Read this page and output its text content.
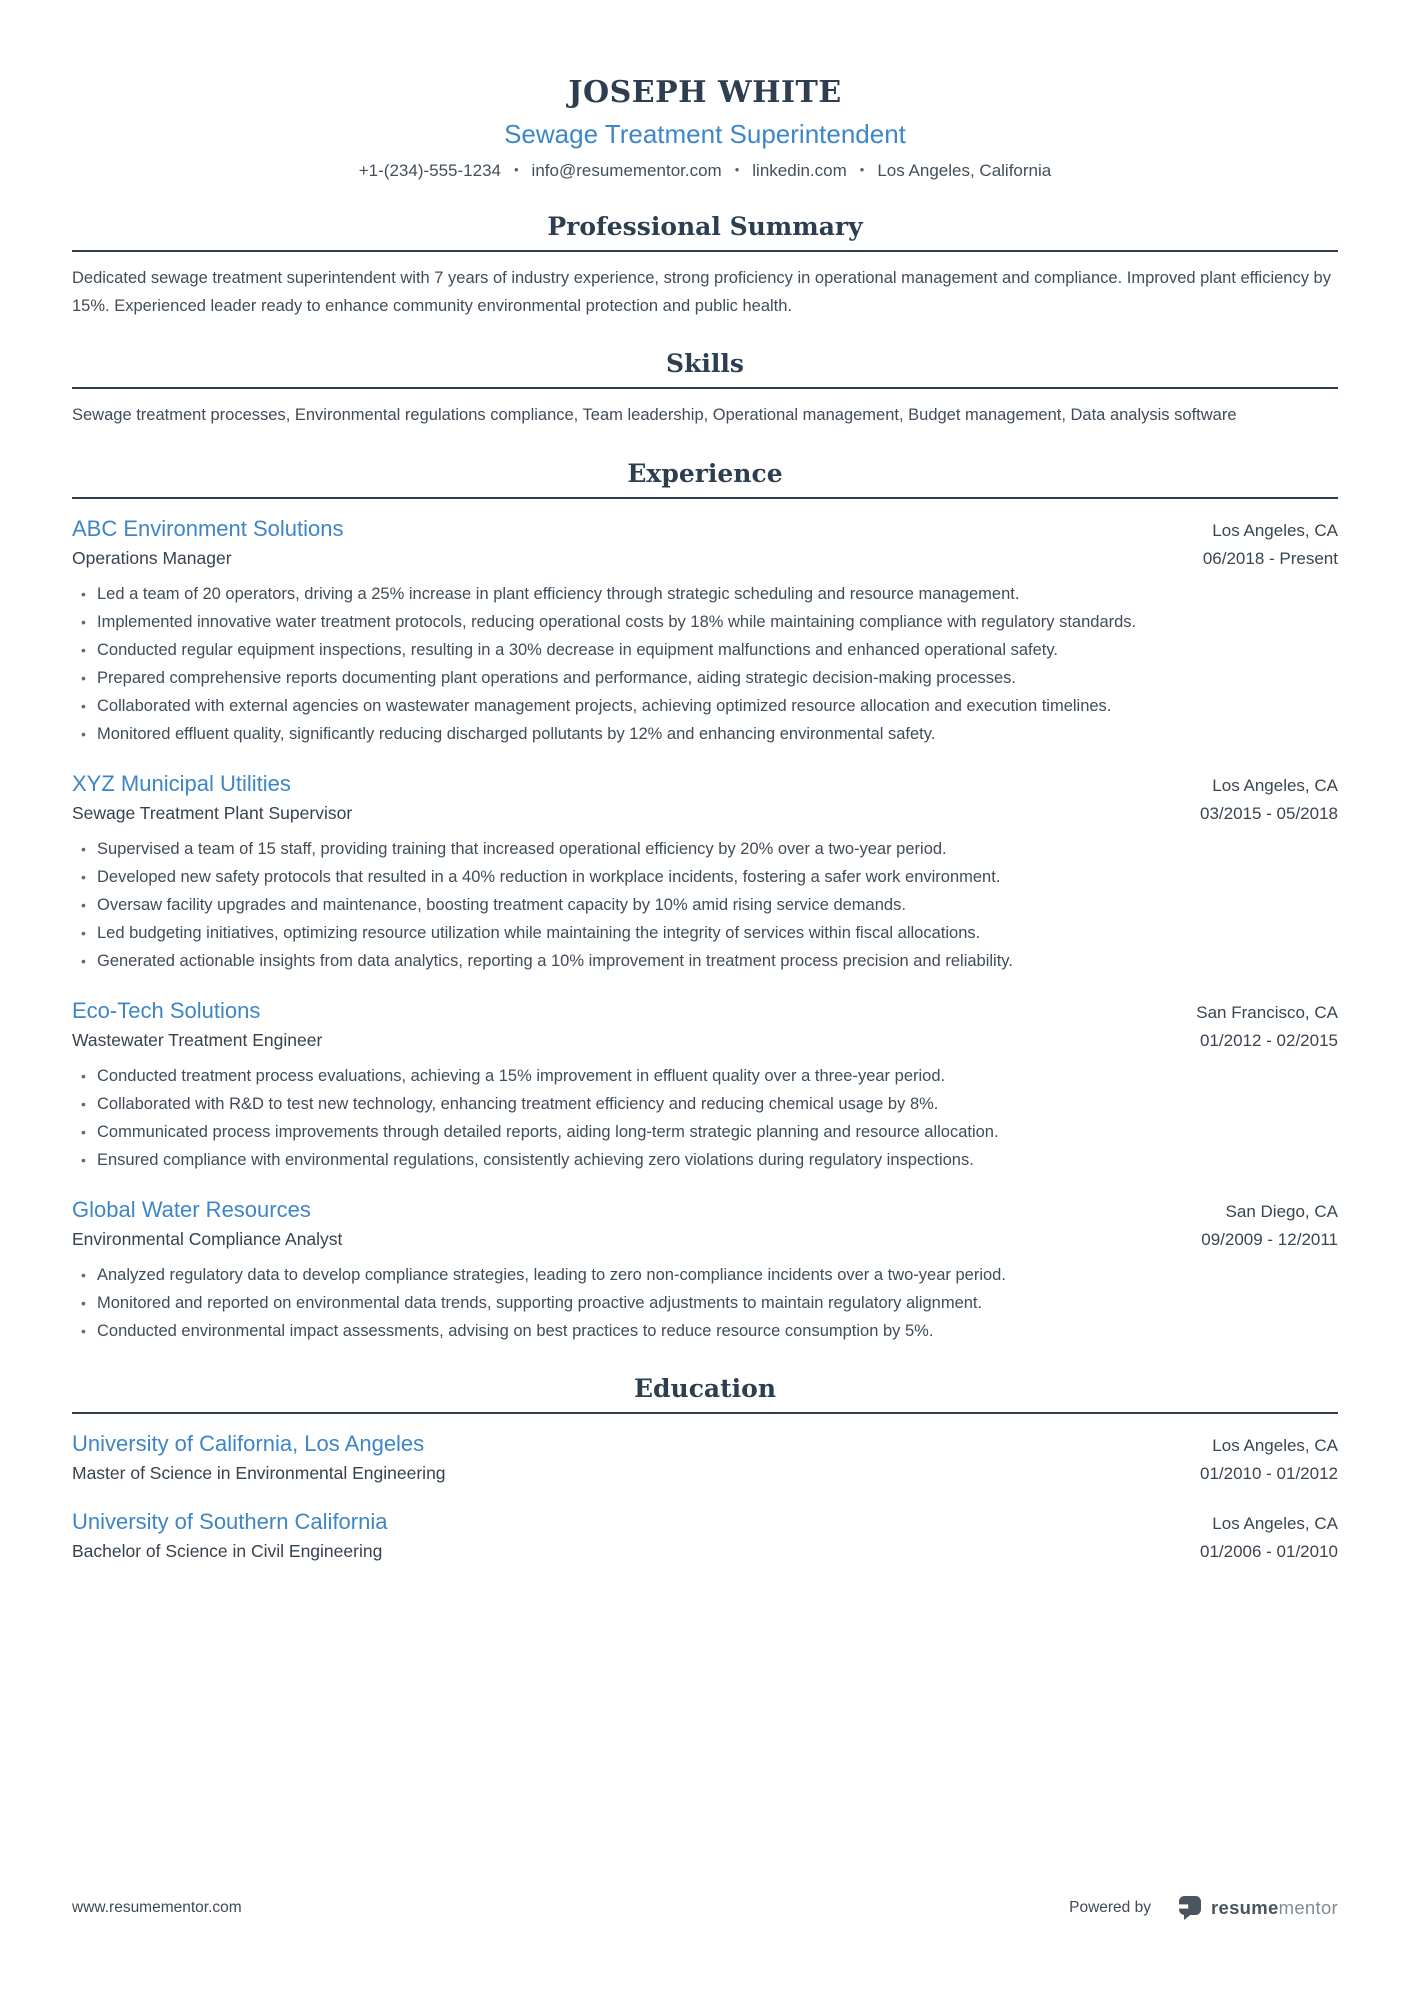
JOSEPH WHITE
Sewage Treatment Superintendent
+1-(234)-555-1234 • info@resumementor.com • linkedin.com • Los Angeles, California
Professional Summary

Dedicated sewage treatment superintendent with 7 years of industry experience, strong proficiency in operational management and compliance. Improved plant efficiency by 15%. Experienced leader ready to enhance community environmental protection and public health.

Skills

Sewage treatment processes, Environmental regulations compliance, Team leadership, Operational management, Budget management, Data analysis software

Experience
ABC Environment Solutions	Los Angeles, CA
Operations Manager	06/2018 - Present
• Led a team of 20 operators, driving a 25% increase in plant efficiency through strategic scheduling and resource management.
• Implemented innovative water treatment protocols, reducing operational costs by 18% while maintaining compliance with regulatory standards.
• Conducted regular equipment inspections, resulting in a 30% decrease in equipment malfunctions and enhanced operational safety.
• Prepared comprehensive reports documenting plant operations and performance, aiding strategic decision-making processes.
• Collaborated with external agencies on wastewater management projects, achieving optimized resource allocation and execution timelines.
• Monitored effluent quality, significantly reducing discharged pollutants by 12% and enhancing environmental safety.
XYZ Municipal Utilities	Los Angeles, CA
Sewage Treatment Plant Supervisor	03/2015 - 05/2018
• Supervised a team of 15 staff, providing training that increased operational efficiency by 20% over a two-year period.
• Developed new safety protocols that resulted in a 40% reduction in workplace incidents, fostering a safer work environment.
• Oversaw facility upgrades and maintenance, boosting treatment capacity by 10% amid rising service demands.
• Led budgeting initiatives, optimizing resource utilization while maintaining the integrity of services within fiscal allocations.
• Generated actionable insights from data analytics, reporting a 10% improvement in treatment process precision and reliability.
Eco-Tech Solutions	San Francisco, CA
Wastewater Treatment Engineer	01/2012 - 02/2015
• Conducted treatment process evaluations, achieving a 15% improvement in effluent quality over a three-year period.
• Collaborated with R&D to test new technology, enhancing treatment efficiency and reducing chemical usage by 8%.
• Communicated process improvements through detailed reports, aiding long-term strategic planning and resource allocation.
• Ensured compliance with environmental regulations, consistently achieving zero violations during regulatory inspections.
Global Water Resources	San Diego, CA
Environmental Compliance Analyst	09/2009 - 12/2011
• Analyzed regulatory data to develop compliance strategies, leading to zero non-compliance incidents over a two-year period.
• Monitored and reported on environmental data trends, supporting proactive adjustments to maintain regulatory alignment.
• Conducted environmental impact assessments, advising on best practices to reduce resource consumption by 5%.
Education
University of California, Los Angeles	Los Angeles, CA
Master of Science in Environmental Engineering	01/2010 - 01/2012
University of Southern California	Los Angeles, CA
Bachelor of Science in Civil Engineering	01/2006 - 01/2010
www.resumementor.com	Powered by	resumementor
